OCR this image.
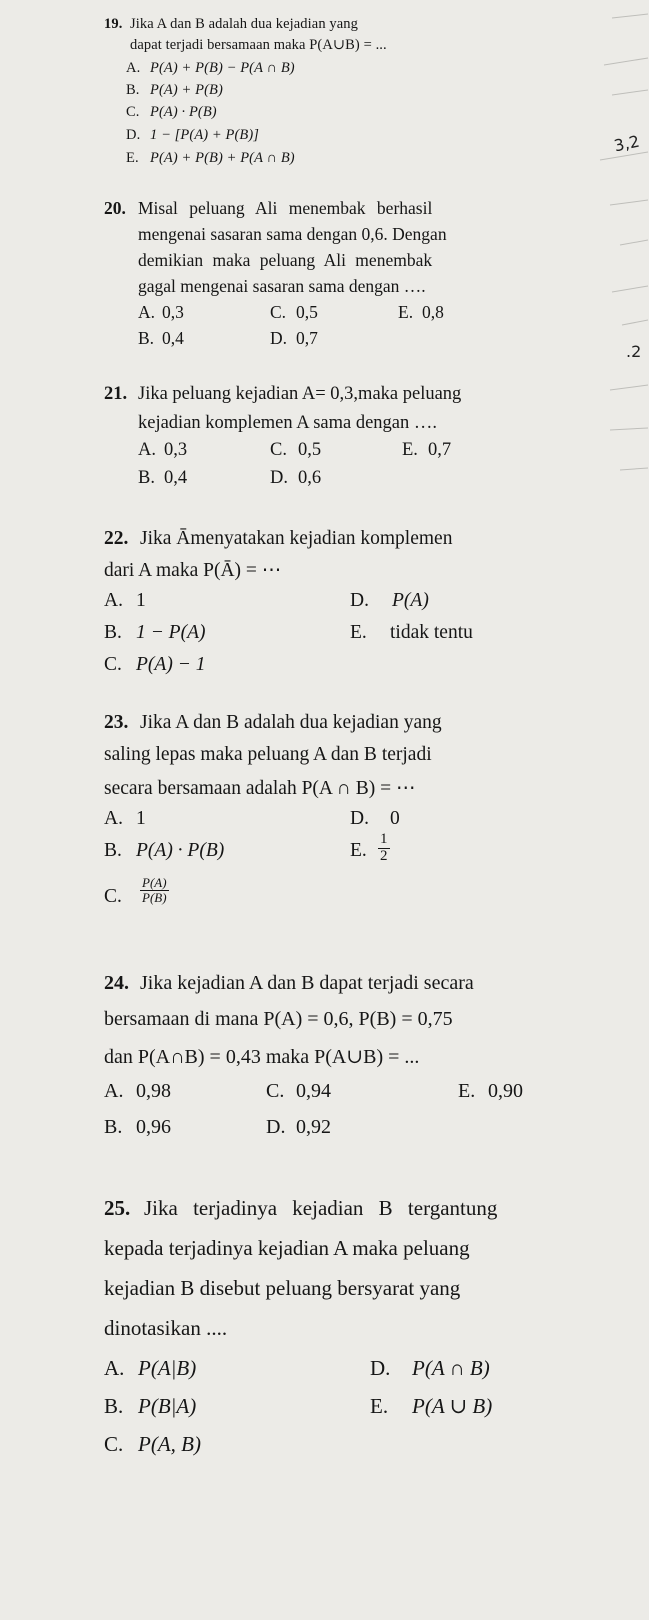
19. Jika A dan B adalah dua kejadian yang
dapat terjadi bersamaan maka P(A∪B) = ...
A. P(A) + P(B) − P(A ∩ B)
B. P(A) + P(B)
C. P(A) · P(B)
D. 1 − [P(A) + P(B)]
E. P(A) + P(B) + P(A ∩ B)
3,2
.2
20. Misal peluang Ali menembak berhasil
mengenai sasaran sama dengan 0,6. Dengan
demikian maka peluang Ali menembak
gagal mengenai sasaran sama dengan ….
A. 0,3	C. 0,5	E. 0,8
B. 0,4	D. 0,7
21. Jika peluang kejadian A= 0,3,maka peluang
kejadian komplemen A sama dengan ….
A. 0,3	C. 0,5	E. 0,7
B. 0,4	D. 0,6
22. Jika Āmenyatakan kejadian komplemen
dari A maka P(Ā) = ⋯
A. 1	D. P(A)
B. 1 − P(A)	E. tidak tentu
C. P(A) − 1
23. Jika A dan B adalah dua kejadian yang
saling lepas maka peluang A dan B terjadi
secara bersamaan adalah P(A ∩ B) = ⋯
A. 1	D. 0
B. P(A) · P(B)	E. $\frac{1}{2}$
C. $\frac{P(A)}{P(B)}$
24. Jika kejadian A dan B dapat terjadi secara
bersamaan di mana P(A) = 0,6, P(B) = 0,75
dan P(A∩B) = 0,43 maka P(A∪B) = ...
A. 0,98	C. 0,94	E. 0,90
B. 0,96	D. 0,92
25. Jika terjadinya kejadian B tergantung
kepada terjadinya kejadian A maka peluang
kejadian B disebut peluang bersyarat yang
dinotasikan ....
A. P(A|B)	D. P(A ∩ B)
B. P(B|A)	E. P(A ∪ B)
C. P(A, B)
